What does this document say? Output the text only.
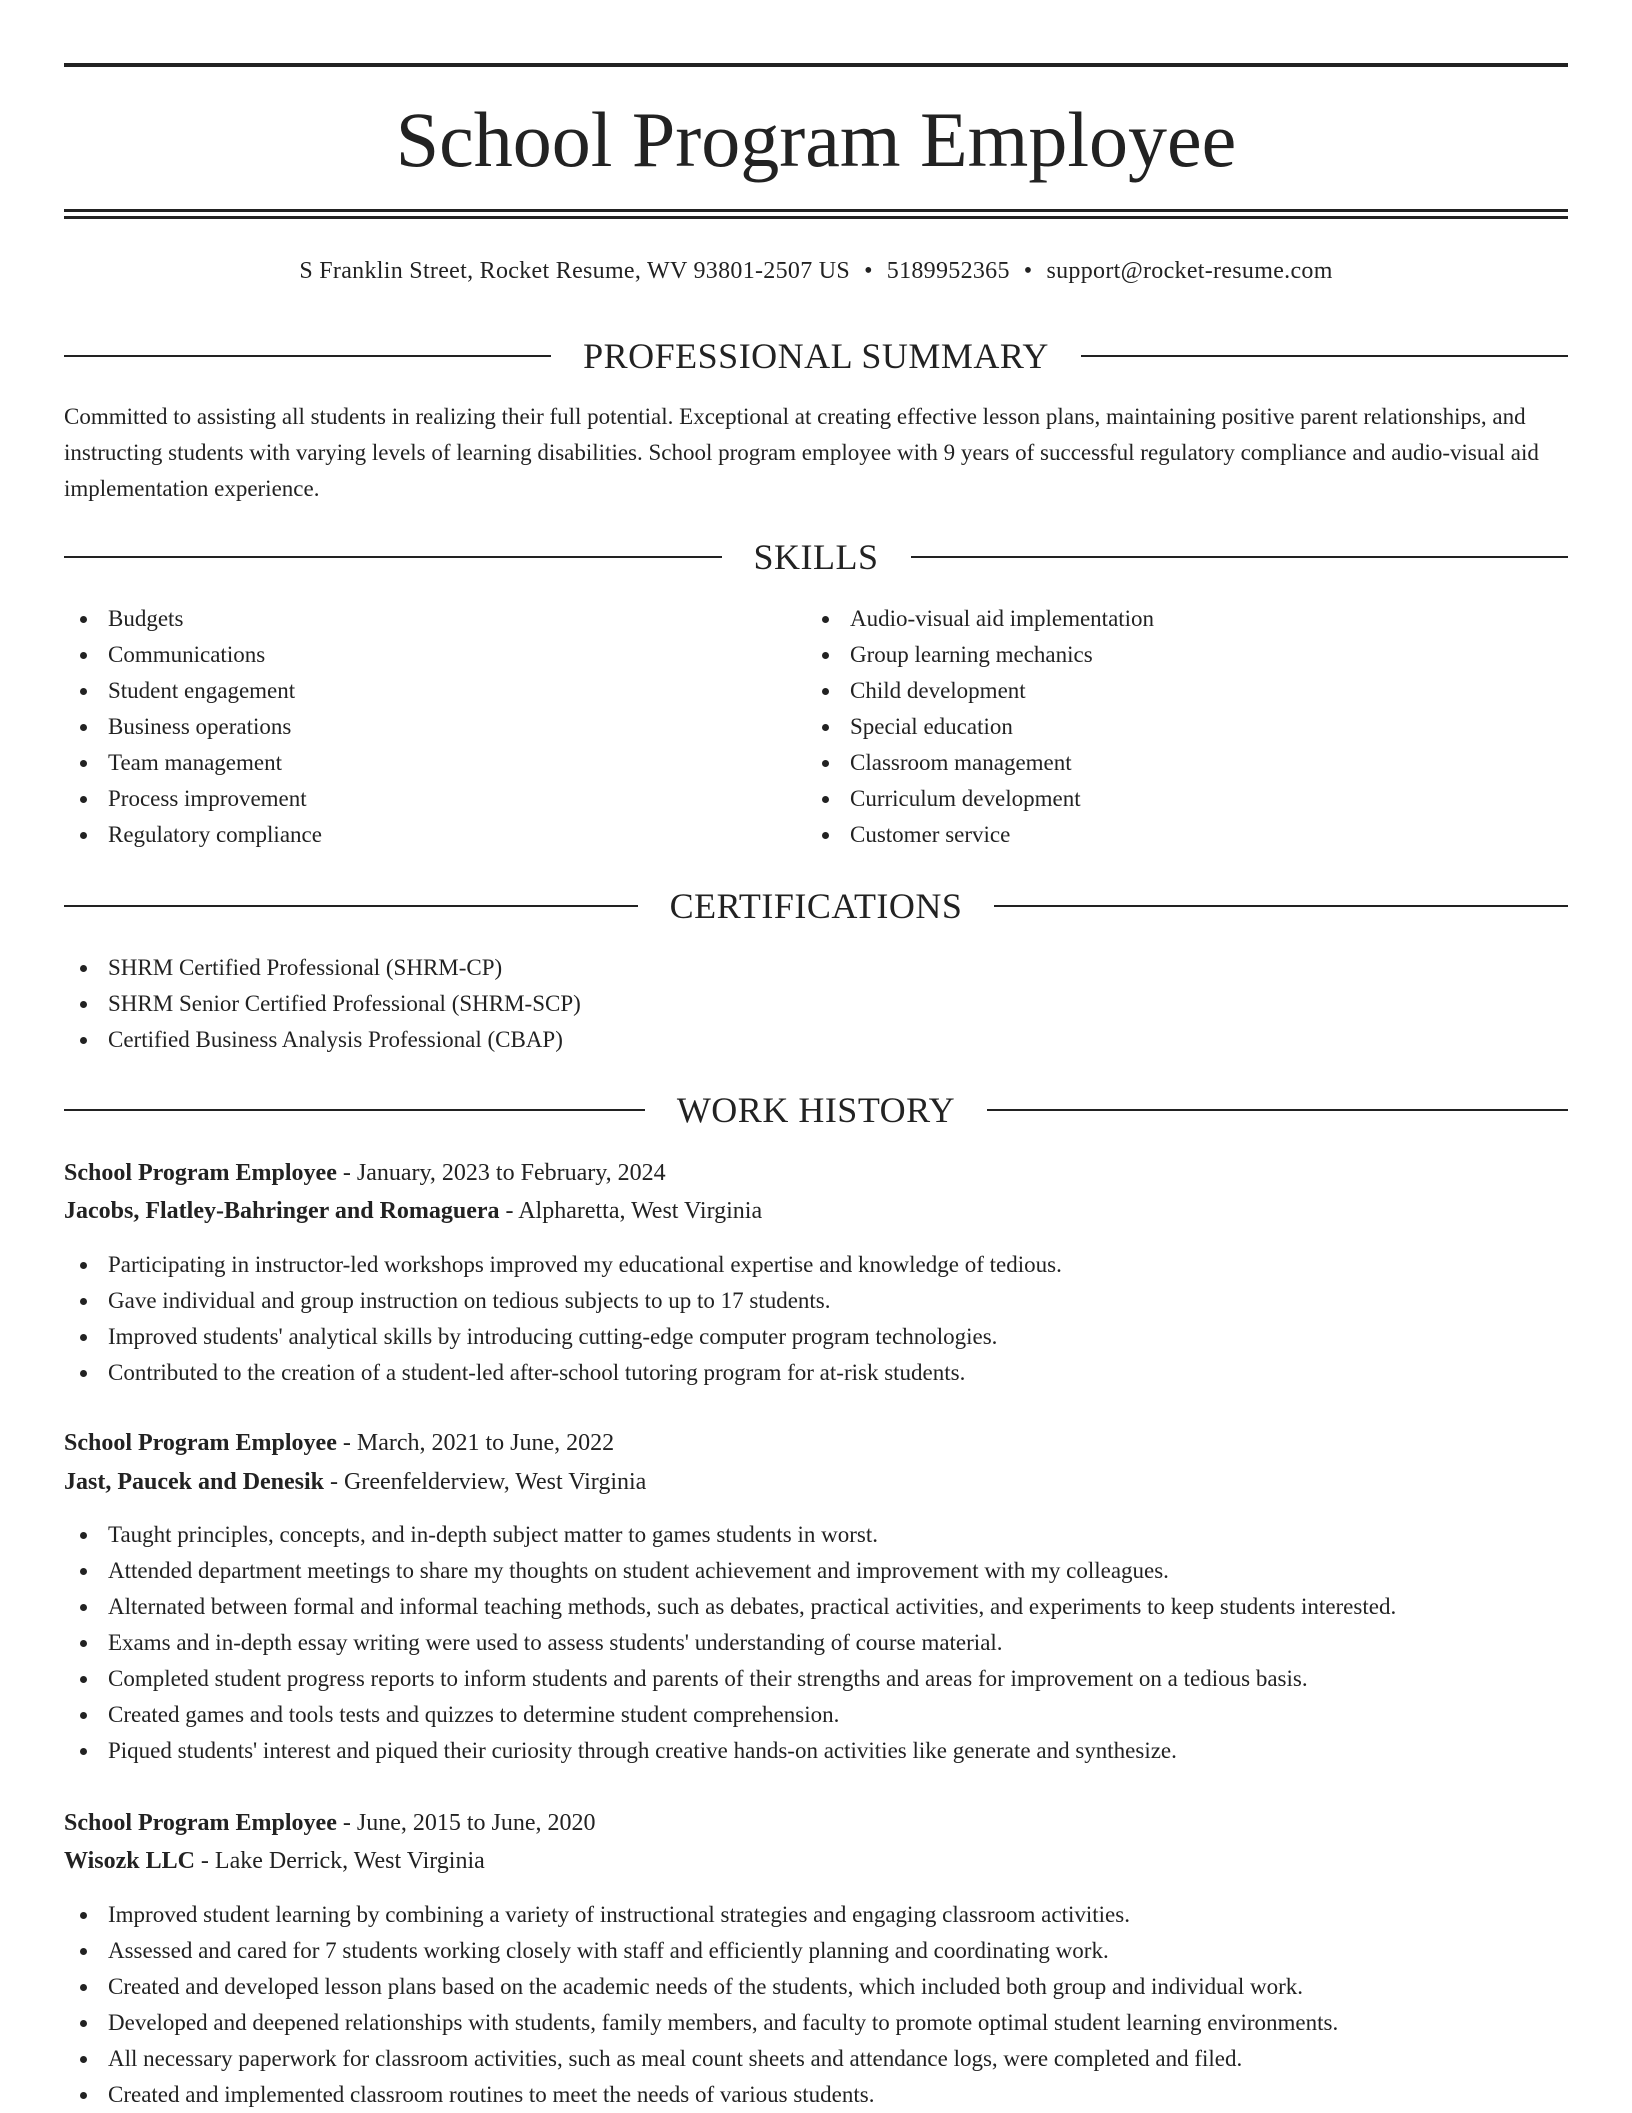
School Program Employee
S Franklin Street, Rocket Resume, WV 93801-2507 US • 5189952365 • support@rocket-resume.com
PROFESSIONAL SUMMARY

Committed to assisting all students in realizing their full potential. Exceptional at creating effective lesson plans, maintaining positive parent relationships, and instructing students with varying levels of learning disabilities. School program employee with 9 years of successful regulatory compliance and audio-visual aid implementation experience.

SKILLS
Budgets
Communications
Student engagement
Business operations
Team management
Process improvement
Regulatory compliance
Audio-visual aid implementation
Group learning mechanics
Child development
Special education
Classroom management
Curriculum development
Customer service
CERTIFICATIONS
SHRM Certified Professional (SHRM-CP)
SHRM Senior Certified Professional (SHRM-SCP)
Certified Business Analysis Professional (CBAP)
WORK HISTORY
School Program Employee - January, 2023 to February, 2024
Jacobs, Flatley-Bahringer and Romaguera - Alpharetta, West Virginia
Participating in instructor-led workshops improved my educational expertise and knowledge of tedious.
Gave individual and group instruction on tedious subjects to up to 17 students.
Improved students' analytical skills by introducing cutting-edge computer program technologies.
Contributed to the creation of a student-led after-school tutoring program for at-risk students.
School Program Employee - March, 2021 to June, 2022
Jast, Paucek and Denesik - Greenfelderview, West Virginia
Taught principles, concepts, and in-depth subject matter to games students in worst.
Attended department meetings to share my thoughts on student achievement and improvement with my colleagues.
Alternated between formal and informal teaching methods, such as debates, practical activities, and experiments to keep students interested.
Exams and in-depth essay writing were used to assess students' understanding of course material.
Completed student progress reports to inform students and parents of their strengths and areas for improvement on a tedious basis.
Created games and tools tests and quizzes to determine student comprehension.
Piqued students' interest and piqued their curiosity through creative hands-on activities like generate and synthesize.
School Program Employee - June, 2015 to June, 2020
Wisozk LLC - Lake Derrick, West Virginia
Improved student learning by combining a variety of instructional strategies and engaging classroom activities.
Assessed and cared for 7 students working closely with staff and efficiently planning and coordinating work.
Created and developed lesson plans based on the academic needs of the students, which included both group and individual work.
Developed and deepened relationships with students, family members, and faculty to promote optimal student learning environments.
All necessary paperwork for classroom activities, such as meal count sheets and attendance logs, were completed and filed.
Created and implemented classroom routines to meet the needs of various students.
